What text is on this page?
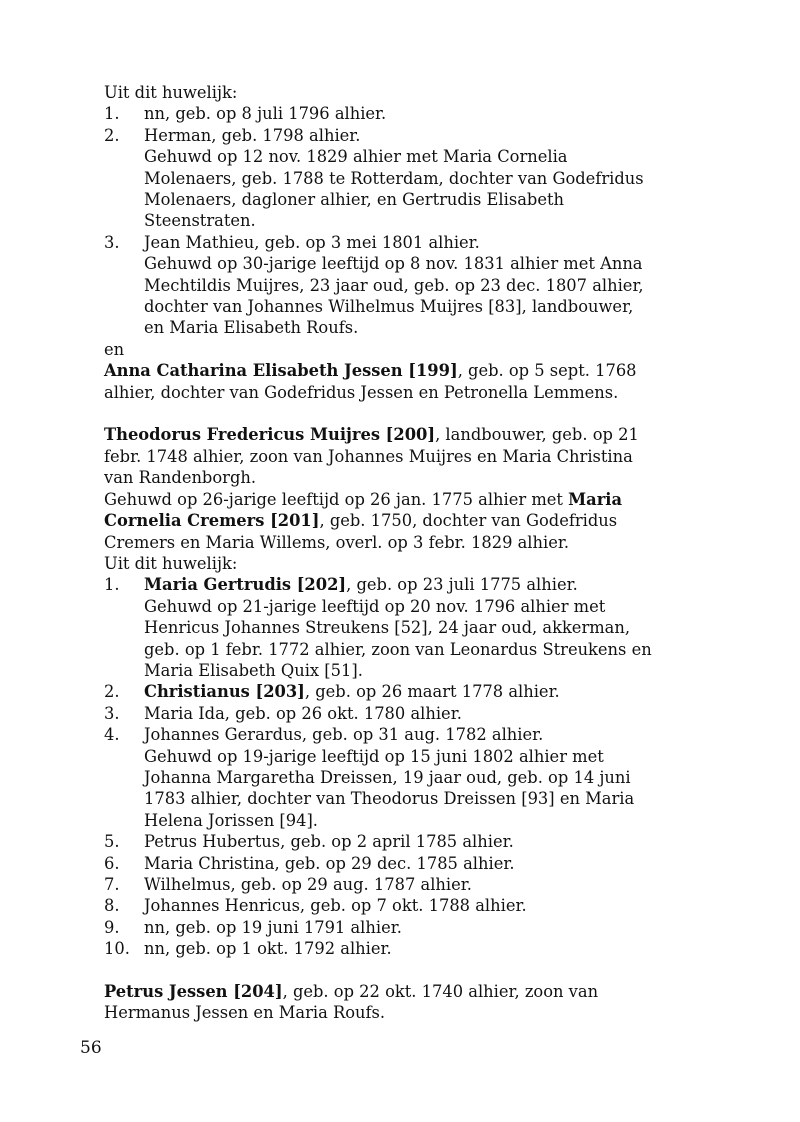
Uit dit huwelijk:
1. nn, geb. op 8 juli 1796 alhier.
2. Herman, geb. 1798 alhier.
Gehuwd op 12 nov. 1829 alhier met Maria Cornelia
Molenaers, geb. 1788 te Rotterdam, dochter van Godefridus
Molenaers, dagloner alhier, en Gertrudis Elisabeth
Steenstraten.
3. Jean Mathieu, geb. op 3 mei 1801 alhier.
Gehuwd op 30-jarige leeftijd op 8 nov. 1831 alhier met Anna
Mechtildis Muijres, 23 jaar oud, geb. op 23 dec. 1807 alhier,
dochter van Johannes Wilhelmus Muijres [83], landbouwer,
en Maria Elisabeth Roufs.
en
Anna Catharina Elisabeth Jessen [199], geb. op 5 sept. 1768
alhier, dochter van Godefridus Jessen en Petronella Lemmens.
Theodorus Fredericus Muijres [200], landbouwer, geb. op 21
febr. 1748 alhier, zoon van Johannes Muijres en Maria Christina
van Randenborgh.
Gehuwd op 26-jarige leeftijd op 26 jan. 1775 alhier met Maria
Cornelia Cremers [201], geb. 1750, dochter van Godefridus
Cremers en Maria Willems, overl. op 3 febr. 1829 alhier.
Uit dit huwelijk:
1. Maria Gertrudis [202], geb. op 23 juli 1775 alhier.
Gehuwd op 21-jarige leeftijd op 20 nov. 1796 alhier met
Henricus Johannes Streukens [52], 24 jaar oud, akkerman,
geb. op 1 febr. 1772 alhier, zoon van Leonardus Streukens en
Maria Elisabeth Quix [51].
2. Christianus [203], geb. op 26 maart 1778 alhier.
3. Maria Ida, geb. op 26 okt. 1780 alhier.
4. Johannes Gerardus, geb. op 31 aug. 1782 alhier.
Gehuwd op 19-jarige leeftijd op 15 juni 1802 alhier met
Johanna Margaretha Dreissen, 19 jaar oud, geb. op 14 juni
1783 alhier, dochter van Theodorus Dreissen [93] en Maria
Helena Jorissen [94].
5. Petrus Hubertus, geb. op 2 april 1785 alhier.
6. Maria Christina, geb. op 29 dec. 1785 alhier.
7. Wilhelmus, geb. op 29 aug. 1787 alhier.
8. Johannes Henricus, geb. op 7 okt. 1788 alhier.
9. nn, geb. op 19 juni 1791 alhier.
10. nn, geb. op 1 okt. 1792 alhier.
Petrus Jessen [204], geb. op 22 okt. 1740 alhier, zoon van
Hermanus Jessen en Maria Roufs.
56
